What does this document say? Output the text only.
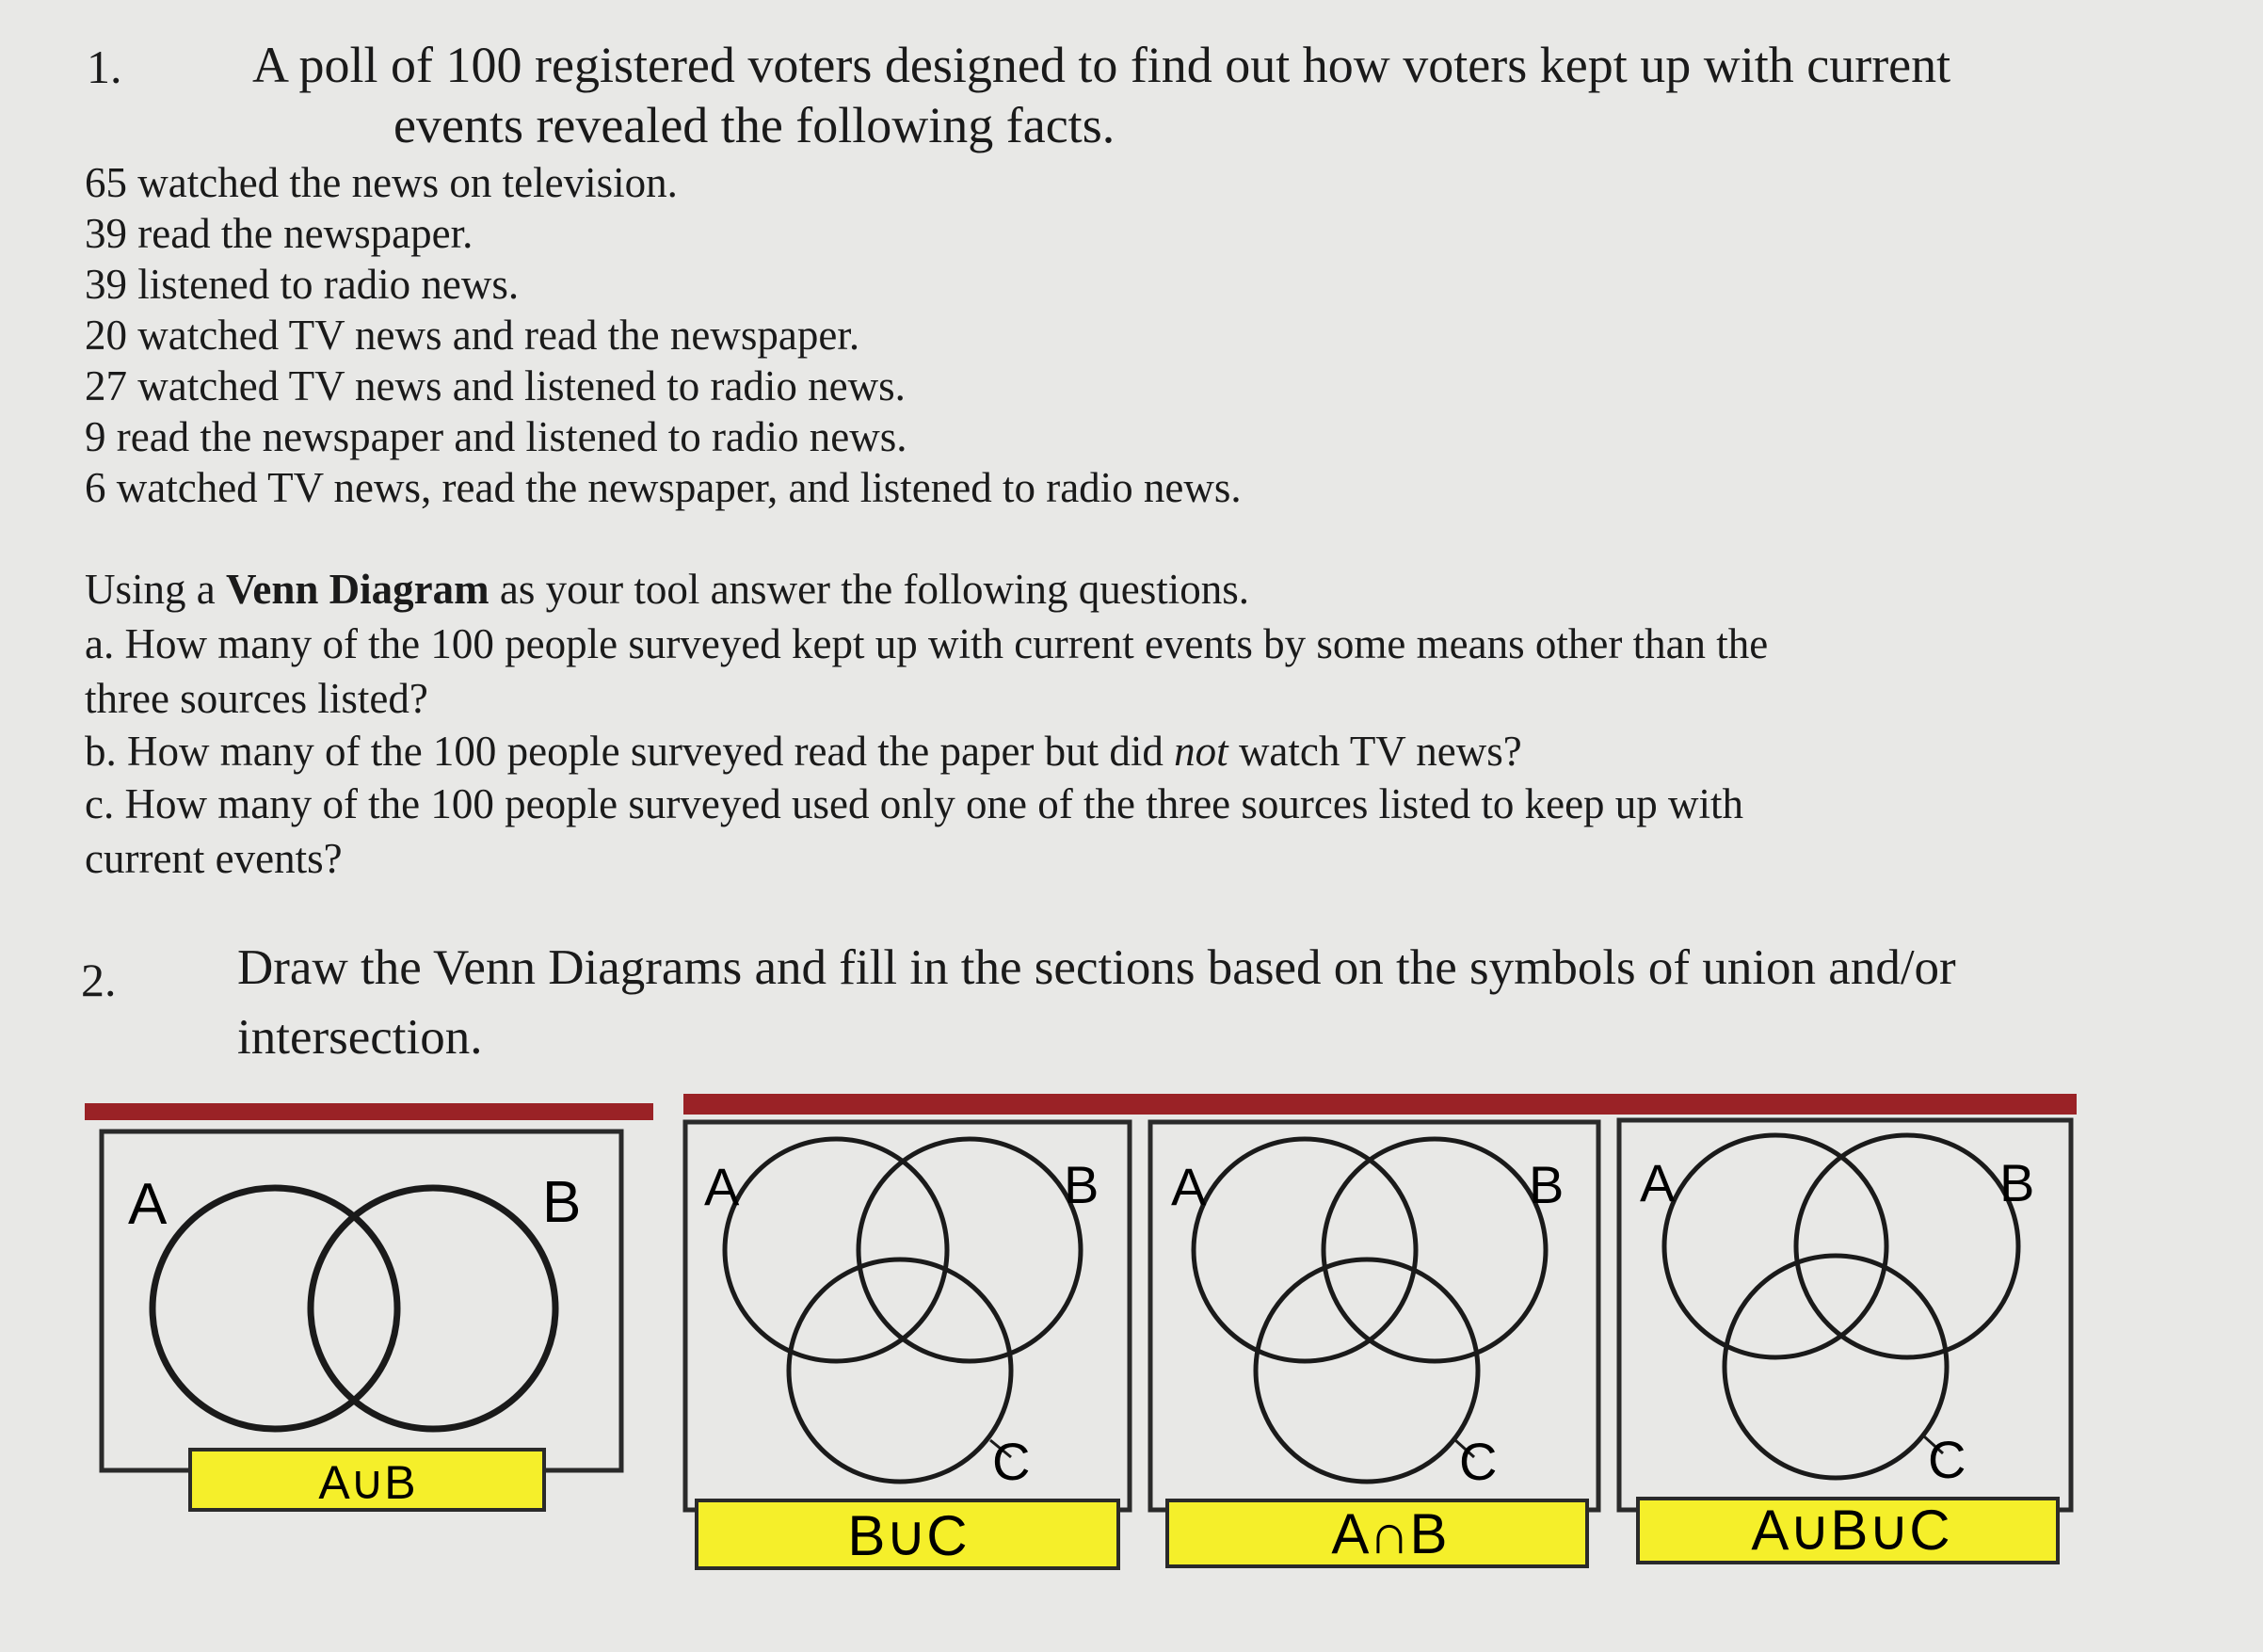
1.	A poll of 100 registered voters designed to find out how voters kept up with current
events revealed the following facts.
65 watched the news on television.
39 read the newspaper.
39 listened to radio news.
20 watched TV news and read the newspaper.
27 watched TV news and listened to radio news.
9 read the newspaper and listened to radio news.
6 watched TV news, read the newspaper, and listened to radio news.
Using a Venn Diagram as your tool answer the following questions.
a. How many of the 100 people surveyed kept up with current events by some means other than the
three sources listed?
b. How many of the 100 people surveyed read the paper but did not watch TV news?
c. How many of the 100 people surveyed used only one of the three sources listed to keep up with
current events?
2. Draw the Venn Diagrams and fill in the sections based on the symbols of union and/or
intersection.
A	B
A∪B
A	B
C
B∪C
A	B
C
A∩B
A	B
C
A∪B∪C
